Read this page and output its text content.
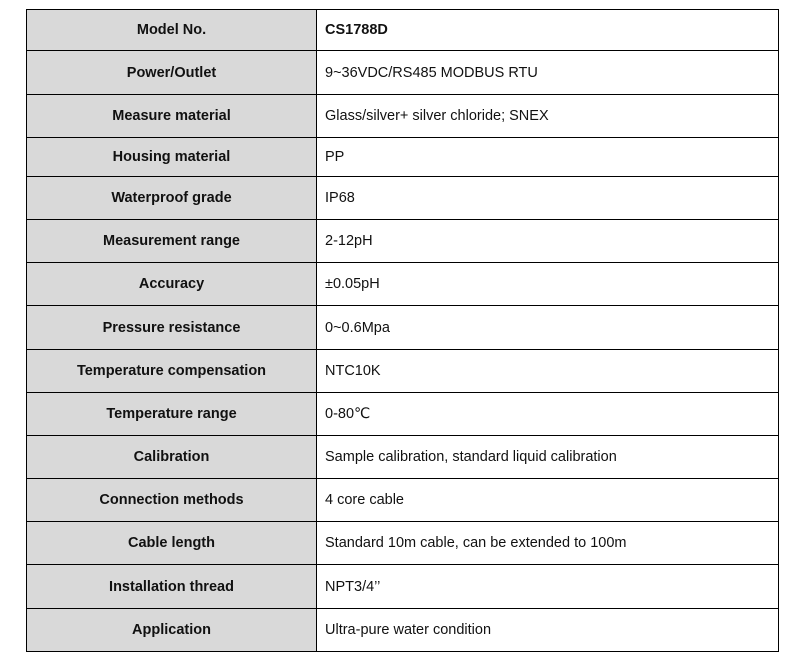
Model No.	CS1788D
Power/Outlet	9~36VDC/RS485 MODBUS RTU
Measure material	Glass/silver+ silver chloride; SNEX
Housing material	PP
Waterproof grade	IP68
Measurement range	2-12pH
Accuracy	±0.05pH
Pressure resistance	0~0.6Mpa
Temperature compensation	NTC10K
Temperature range	0-80℃
Calibration	Sample calibration, standard liquid calibration
Connection methods	4 core cable
Cable length	Standard 10m cable, can be extended to 100m
Installation thread	NPT3/4’’
Application	Ultra-pure water condition
